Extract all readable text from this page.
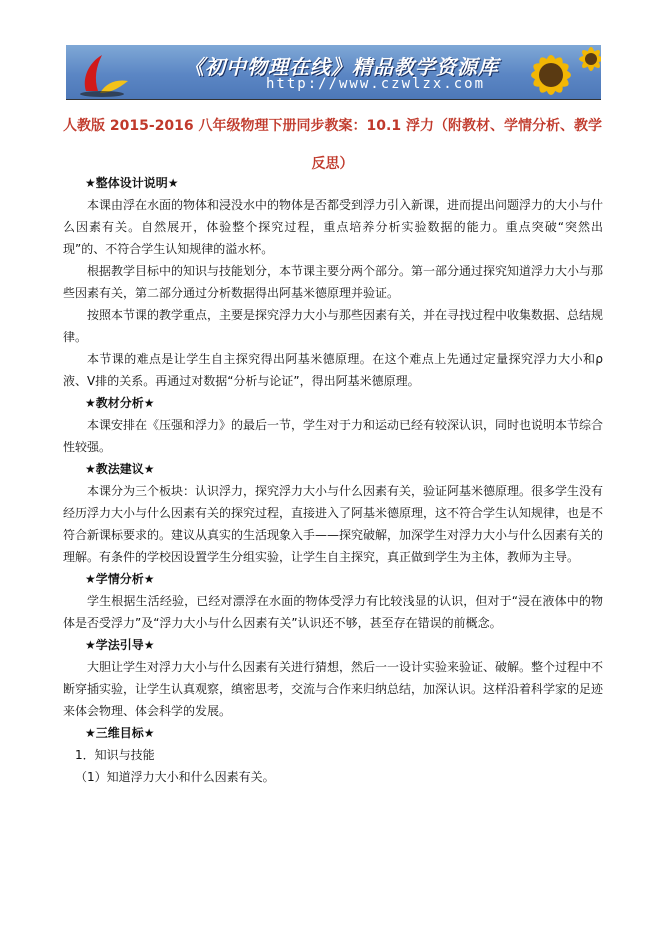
《初中物理在线》精品教学资源库
http://www.czwlzx.com
人教版 2015-2016 八年级物理下册同步教案：10.1 浮力（附教材、学情分析、教学反思）

★整体设计说明★

本课由浮在水面的物体和浸没水中的物体是否都受到浮力引入新课，进而提出问题浮力的大小与什么因素有关。自然展开，体验整个探究过程，重点培养分析实验数据的能力。重点突破“突然出现”的、不符合学生认知规律的溢水杯。

根据教学目标中的知识与技能划分，本节课主要分两个部分。第一部分通过探究知道浮力大小与那些因素有关，第二部分通过分析数据得出阿基米德原理并验证。

按照本节课的教学重点，主要是探究浮力大小与那些因素有关，并在寻找过程中收集数据、总结规律。

本节课的难点是让学生自主探究得出阿基米德原理。在这个难点上先通过定量探究浮力大小和ρ液、V排的关系。再通过对数据“分析与论证”，得出阿基米德原理。

★教材分析★

本课安排在《压强和浮力》的最后一节，学生对于力和运动已经有较深认识，同时也说明本节综合性较强。

★教法建议★

本课分为三个板块：认识浮力，探究浮力大小与什么因素有关，验证阿基米德原理。很多学生没有经历浮力大小与什么因素有关的探究过程，直接进入了阿基米德原理，这不符合学生认知规律，也是不符合新课标要求的。建议从真实的生活现象入手——探究破解，加深学生对浮力大小与什么因素有关的理解。有条件的学校因设置学生分组实验，让学生自主探究，真正做到学生为主体，教师为主导。

★学情分析★

学生根据生活经验，已经对漂浮在水面的物体受浮力有比较浅显的认识，但对于“浸在液体中的物体是否受浮力”及“浮力大小与什么因素有关”认识还不够，甚至存在错误的前概念。

★学法引导★

大胆让学生对浮力大小与什么因素有关进行猜想，然后一一设计实验来验证、破解。整个过程中不断穿插实验，让学生认真观察，缜密思考，交流与合作来归纳总结，加深认识。这样沿着科学家的足迹来体会物理、体会科学的发展。

★三维目标★

1．知识与技能

（1）知道浮力大小和什么因素有关。
